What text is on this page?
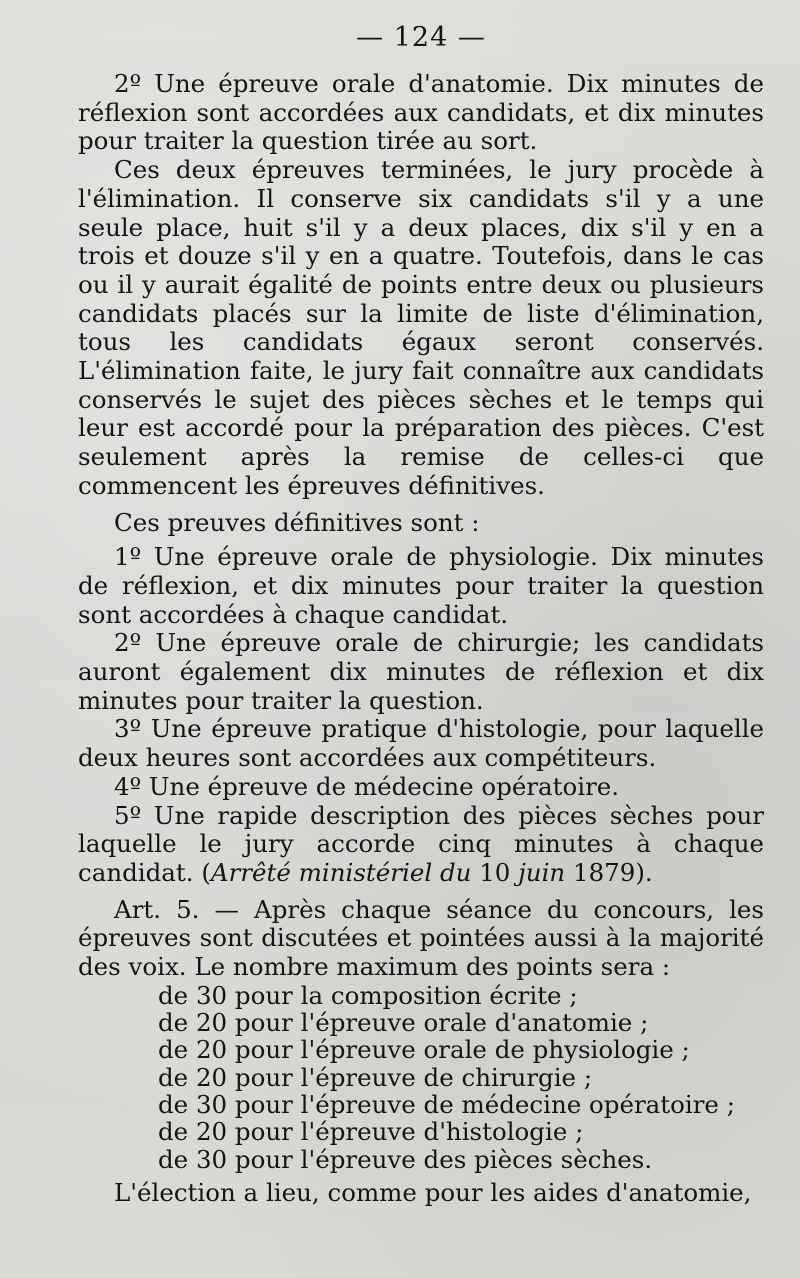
— 124 —

2º Une épreuve orale d'anatomie. Dix minutes de réflexion sont accordées aux candidats, et dix minutes pour traiter la question tirée au sort.

Ces deux épreuves terminées, le jury procède à l'élimination. Il conserve six candidats s'il y a une seule place, huit s'il y a deux places, dix s'il y en a trois et douze s'il y en a quatre. Toutefois, dans le cas ou il y aurait égalité de points entre deux ou plusieurs candidats placés sur la limite de liste d'élimination, tous les candidats égaux seront conservés. L'élimination faite, le jury fait connaître aux candidats conservés le sujet des pièces sèches et le temps qui leur est accordé pour la préparation des pièces. C'est seulement après la remise de celles-ci que commencent les épreuves définitives.

Ces preuves définitives sont :

1º Une épreuve orale de physiologie. Dix minutes de réflexion, et dix minutes pour traiter la question sont accordées à chaque candidat.

2º Une épreuve orale de chirurgie; les candidats auront également dix minutes de réflexion et dix minutes pour traiter la question.

3º Une épreuve pratique d'histologie, pour laquelle deux heures sont accordées aux compétiteurs.

4º Une épreuve de médecine opératoire.

5º Une rapide description des pièces sèches pour laquelle le jury accorde cinq minutes à chaque candidat. (Arrêté ministériel du 10 juin 1879).

Art. 5. — Après chaque séance du concours, les épreuves sont discutées et pointées aussi à la majorité des voix. Le nombre maximum des points sera :

de 30 pour la composition écrite ;
de 20 pour l'épreuve orale d'anatomie ;
de 20 pour l'épreuve orale de physiologie ;
de 20 pour l'épreuve de chirurgie ;
de 30 pour l'épreuve de médecine opératoire ;
de 20 pour l'épreuve d'histologie ;
de 30 pour l'épreuve des pièces sèches.

L'élection a lieu, comme pour les aides d'anatomie,
